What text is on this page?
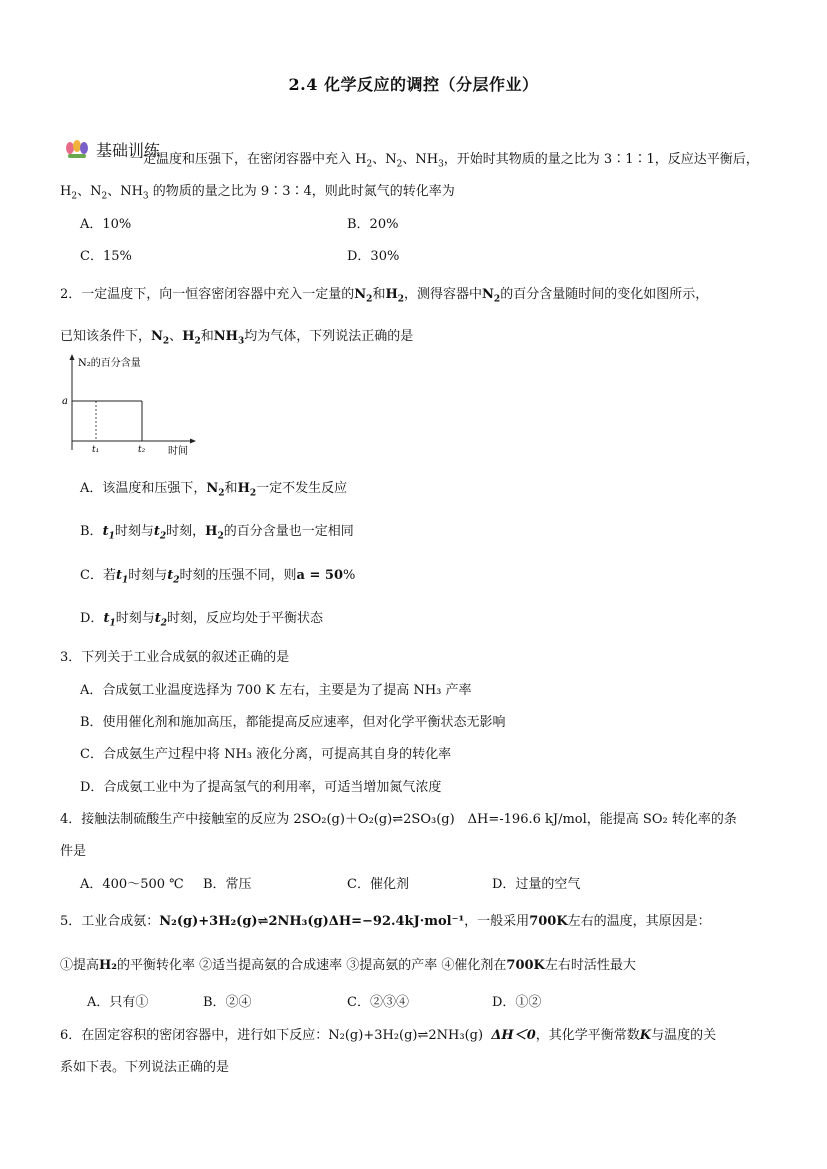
2.4 化学反应的调控（分层作业）
基础训练
一定温度和压强下，在密闭容器中充入 $H_2$、$N_2$、$NH_3$，开始时其物质的量之比为 3∶1∶1，反应达平衡后，
$H_2$、$N_2$、$NH_3$ 的物质的量之比为 9∶3∶4，则此时氮气的转化率为
A．10%	B．20%
C．15%	D．30%
2．一定温度下，向一恒容密闭容器中充入一定量的$N_2$和$H_2$，测得容器中$N_2$的百分含量随时间的变化如图所示，
已知该条件下，$N_2$、$H_2$和$NH_3$均为气体，下列说法正确的是
N₂的百分含量
时间
a
t₁	t₂
A．该温度和压强下，$N_2$和$H_2$一定不发生反应
B．$t_1$时刻与$t_2$时刻，$H_2$的百分含量也一定相同
C．若$t_1$时刻与$t_2$时刻的压强不同，则a = 50%
D．$t_1$时刻与$t_2$时刻，反应均处于平衡状态
3．下列关于工业合成氨的叙述正确的是
A．合成氨工业温度选择为 700 K 左右，主要是为了提高 NH₃ 产率
B．使用催化剂和施加高压，都能提高反应速率，但对化学平衡状态无影响
C．合成氨生产过程中将 NH₃ 液化分离，可提高其自身的转化率
D．合成氨工业中为了提高氢气的利用率，可适当增加氮气浓度
4．接触法制硫酸生产中接触室的反应为 2SO₂(g)＋O₂(g)⇌2SO₃(g)　ΔH=-196.6 kJ/mol，能提高 SO₂ 转化率的条
件是
A．400～500 ℃ B．常压	C．催化剂	D．过量的空气
5．工业合成氨：N₂(g)+3H₂(g)⇌2NH₃(g)ΔH=−92.4kJ·mol⁻¹，一般采用700K左右的温度，其原因是：
①提高H₂的平衡转化率 ②适当提高氨的合成速率 ③提高氨的产率 ④催化剂在700K左右时活性最大
A．只有①	B．②④	C．②③④	D．①②
6．在固定容积的密闭容器中，进行如下反应：N₂(g)+3H₂(g)⇌2NH₃(g) ΔH＜0，其化学平衡常数K与温度的关
系如下表。下列说法正确的是
